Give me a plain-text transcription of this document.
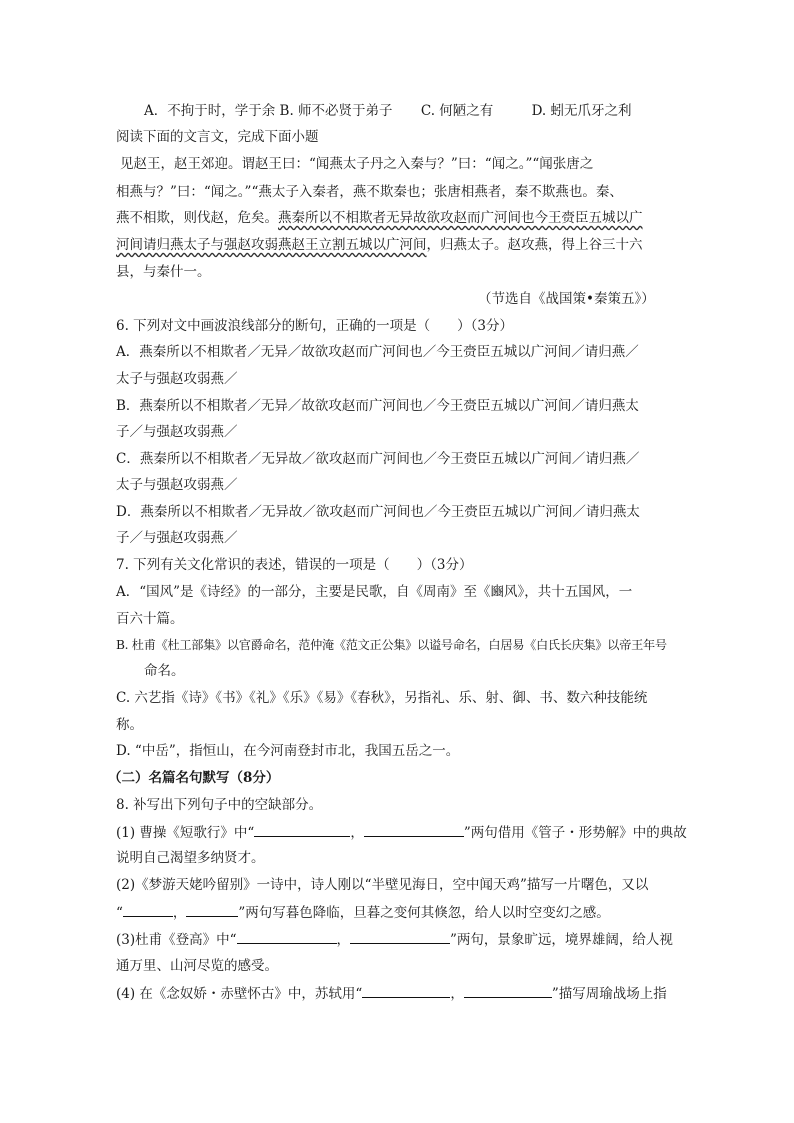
A．不拘于时，学于余 B. 师不必贤于弟子 C. 何陋之有	D. 蚓无爪牙之利
阅读下面的文言文，完成下面小题
见赵王，赵王郊迎。谓赵王曰：“闻燕太子丹之入秦与？”曰：“闻之。”“闻张唐之
相燕与？”曰：“闻之。”“燕太子入秦者，燕不欺秦也；张唐相燕者，秦不欺燕也。秦、
燕不相欺，则伐赵，危矣。燕秦所以不相欺者无异故欲攻赵而广河间也今王赍臣五城以广
河间请归燕太子与强赵攻弱燕赵王立割五城以广河间，归燕太子。赵攻燕，得上谷三十六
县，与秦什一。
（节选自《战国策•秦策五》）
6. 下列对文中画波浪线部分的断句，正确的一项是（　　）（3分）
A．燕秦所以不相欺者／无异／故欲攻赵而广河间也／今王赍臣五城以广河间／请归燕／
太子与强赵攻弱燕／
B．燕秦所以不相欺者／无异／故欲攻赵而广河间也／今王赍臣五城以广河间／请归燕太
子／与强赵攻弱燕／
C．燕秦所以不相欺者／无异故／欲攻赵而广河间也／今王赍臣五城以广河间／请归燕／
太子与强赵攻弱燕／
D．燕秦所以不相欺者／无异故／欲攻赵而广河间也／今王赍臣五城以广河间／请归燕太
子／与强赵攻弱燕／
7. 下列有关文化常识的表述，错误的一项是（　　）（3分）
A．“国风”是《诗经》的一部分，主要是民歌，自《周南》至《豳风》，共十五国风，一
百六十篇。
B. 杜甫《杜工部集》以官爵命名，范仲淹《范文正公集》以谥号命名，白居易《白氏长庆集》以帝王年号
命名。
C. 六艺指《诗》《书》《礼》《乐》《易》《春秋》，另指礼、乐、射、御、书、数六种技能统
称。
D. “中岳”，指恒山，在今河南登封市北，我国五岳之一。
（二）名篇名句默写（8分）
8. 补写出下列句子中的空缺部分。
(1) 曹操《短歌行》中“	，	”两句借用《管子・形势解》中的典故
说明自己渴望多纳贤才。
(2)《梦游天姥吟留别》一诗中，诗人刚以“半壁见海日，空中闻天鸡”描写一片曙色，又以
“	，	”两句写暮色降临，旦暮之变何其倏忽，给人以时空变幻之感。
(3)杜甫《登高》中“	，	”两句，景象旷远，境界雄阔，给人视
通万里、山河尽览的感受。
(4) 在《念奴娇・赤壁怀古》中，苏轼用“	，	”描写周瑜战场上指
